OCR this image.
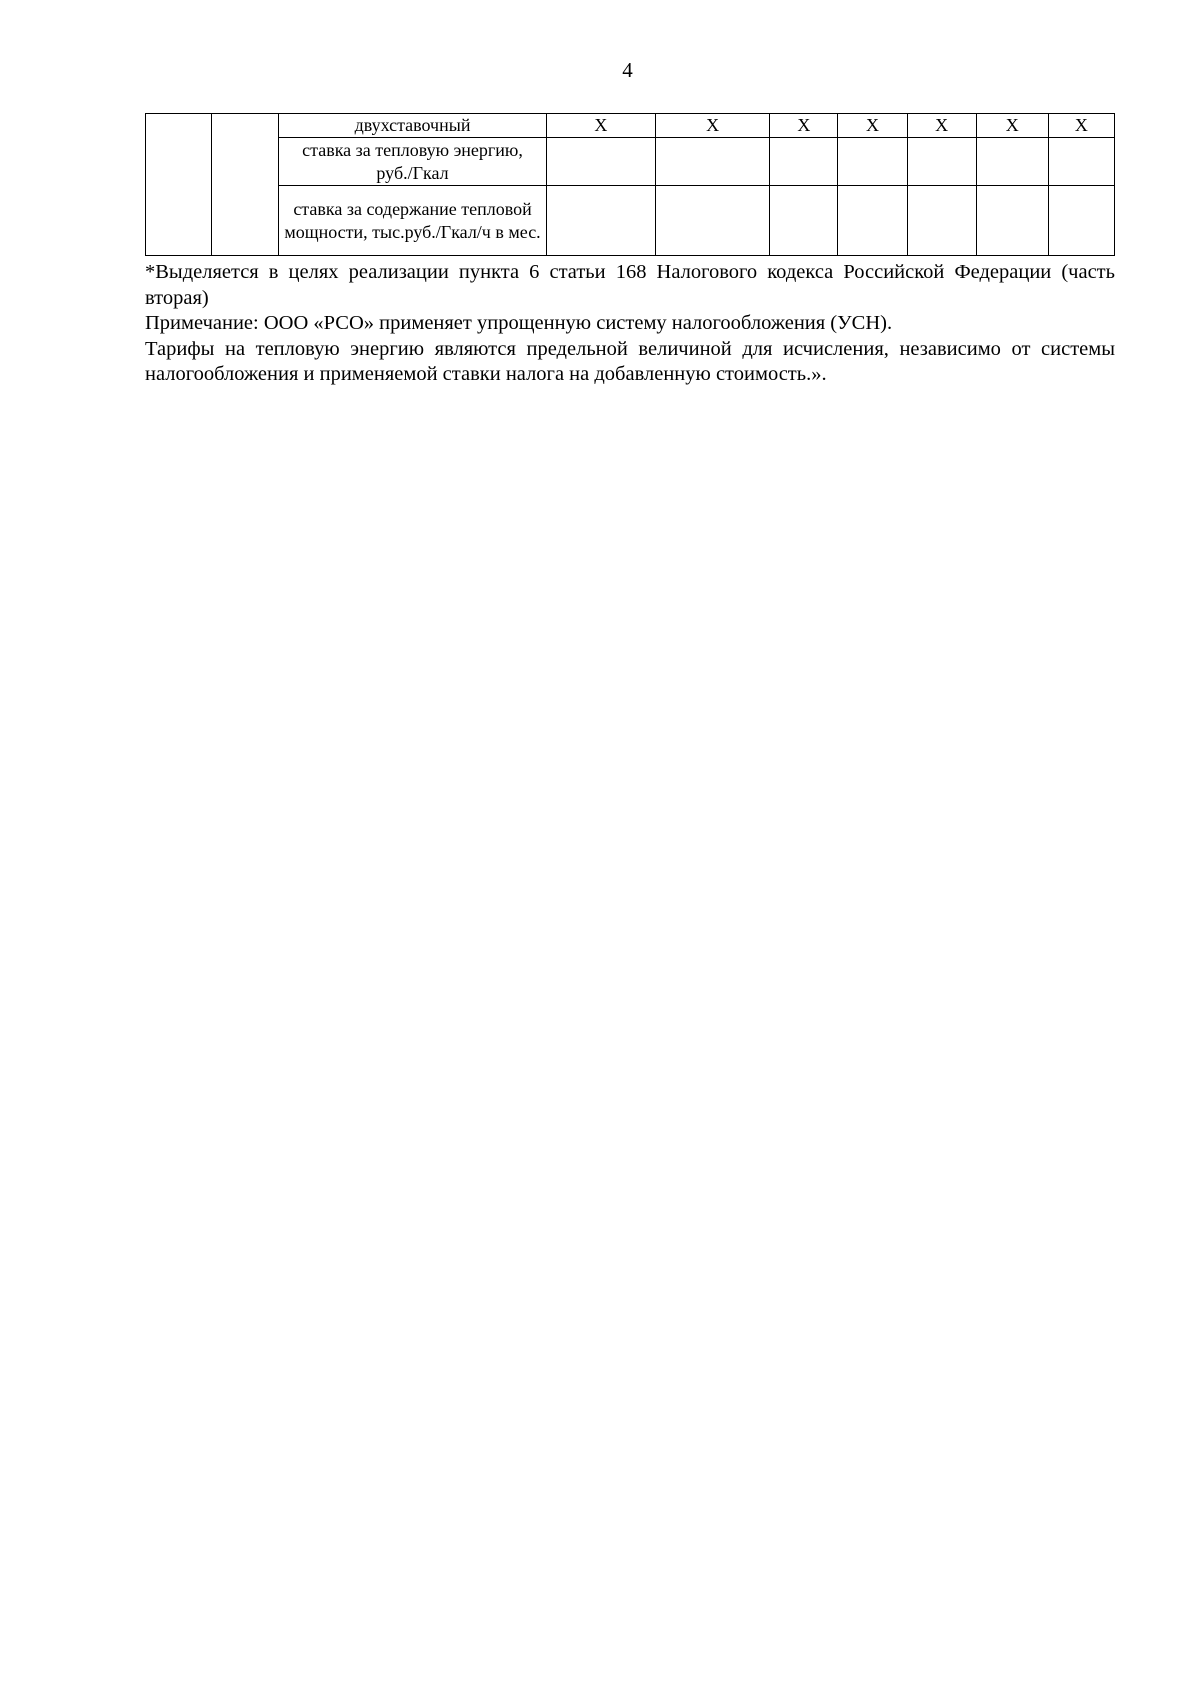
4
		двухставочный	Х	Х	Х	Х	Х	Х	Х
		ставка за тепловую энергию, руб./Гкал							
		ставка за содержание тепловой мощности, тыс.руб./Гкал/ч в мес.							

*Выделяется в целях реализации пункта 6 статьи 168 Налогового кодекса Российской Федерации (часть вторая)

Примечание: ООО «РСО» применяет упрощенную систему налогообложения (УСН).

Тарифы на тепловую энергию являются предельной величиной для исчисления, независимо от системы налогообложения и применяемой ставки налога на добавленную стоимость.».
